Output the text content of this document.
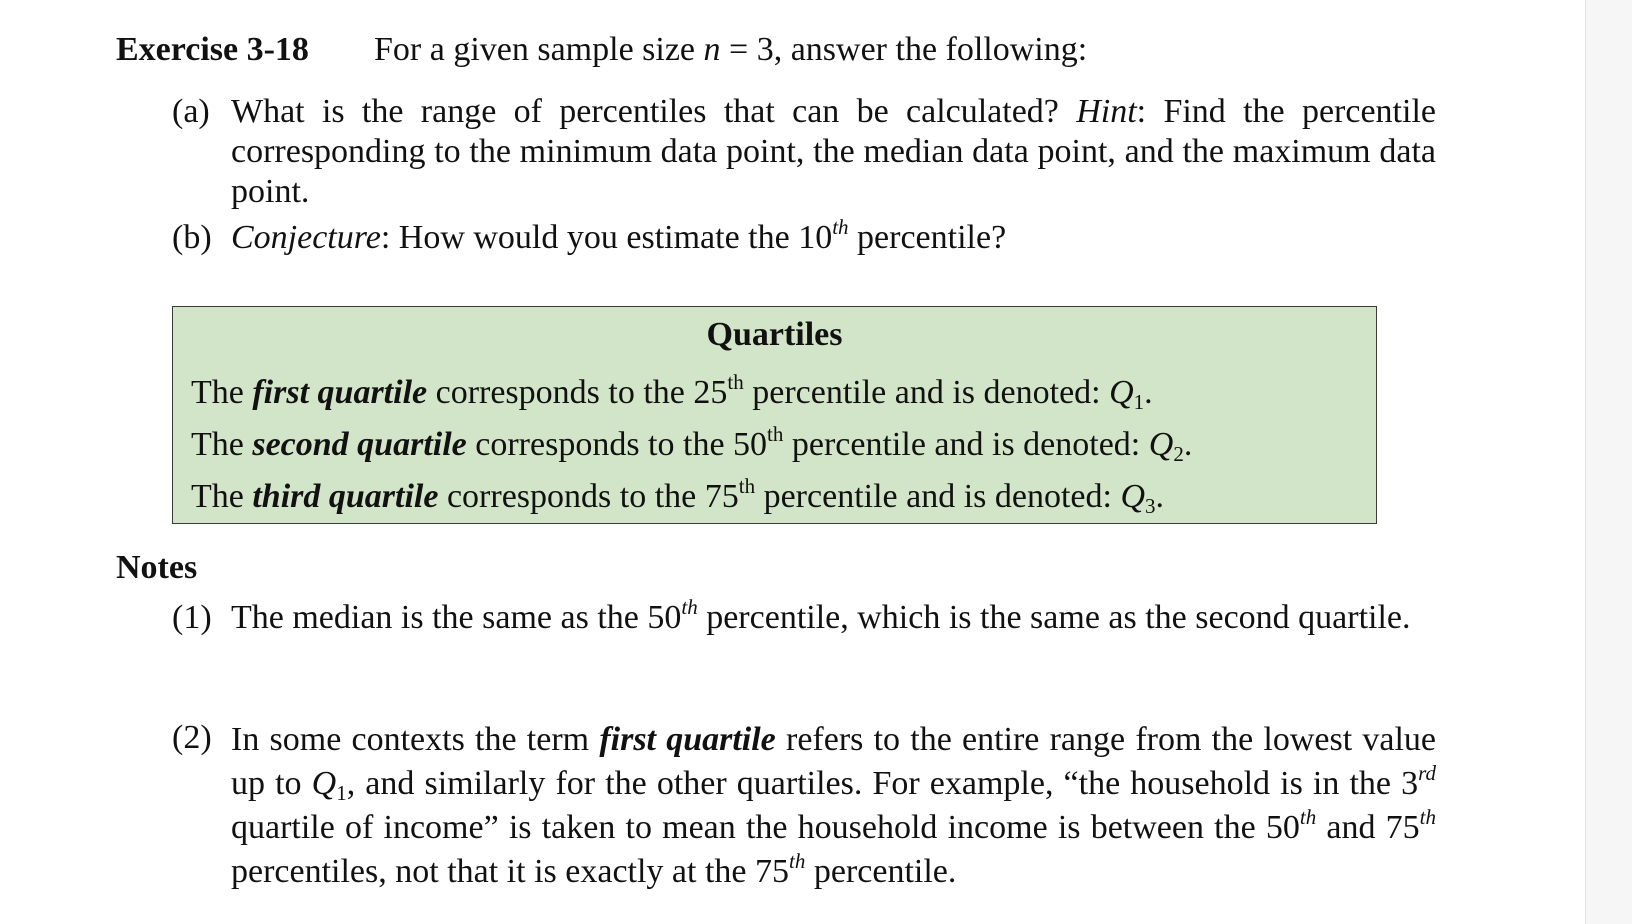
Exercise 3-18 For a given sample size n = 3, answer the following:
(a) What is the range of percentiles that can be calculated? Hint: Find the percentile corresponding to the minimum data point, the median data point, and the maximum data point.
(b) Conjecture: How would you estimate the 10th percentile?
Quartiles
The first quartile corresponds to the 25th percentile and is denoted: $Q_1$.
The second quartile corresponds to the 50th percentile and is denoted: $Q_2$.
The third quartile corresponds to the 75th percentile and is denoted: $Q_3$.
Notes
(1) The median is the same as the 50th percentile, which is the same as the second quartile.
(2) In some contexts the term first quartile refers to the entire range from the lowest value up to $Q_1$, and similarly for the other quartiles. For example, “the household is in the 3rd quartile of income” is taken to mean the household income is between the 50th and 75th percentiles, not that it is exactly at the 75th percentile.
